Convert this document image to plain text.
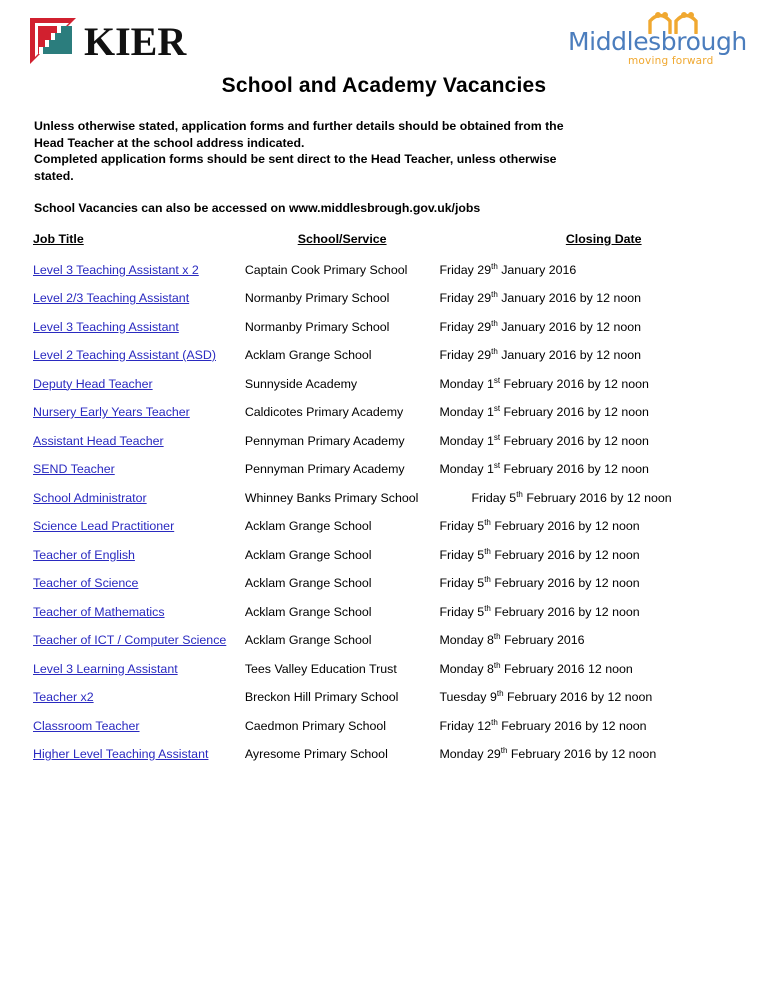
KIER	Middlesbrough
moving forward
School and Academy Vacancies

Unless otherwise stated, application forms and further details should be obtained from the

Head Teacher at the school address indicated.

Completed application forms should be sent direct to the Head Teacher, unless otherwise

stated.

School Vacancies can also be accessed on www.middlesbrough.gov.uk/jobs

Job Title	School/Service	Closing Date
Level 3 Teaching Assistant x 2	Captain Cook Primary School	Friday 29th January 2016
Level 2/3 Teaching Assistant	Normanby Primary School	Friday 29th January 2016 by 12 noon
Level 3 Teaching Assistant	Normanby Primary School	Friday 29th January 2016 by 12 noon
Level 2 Teaching Assistant (ASD)	Acklam Grange School	Friday 29th January 2016 by 12 noon
Deputy Head Teacher	Sunnyside Academy	Monday 1st February 2016 by 12 noon
Nursery Early Years Teacher	Caldicotes Primary Academy	Monday 1st February 2016 by 12 noon
Assistant Head Teacher	Pennyman Primary Academy	Monday 1st February 2016 by 12 noon
SEND Teacher	Pennyman Primary Academy	Monday 1st February 2016 by 12 noon
School Administrator	Whinney Banks Primary School	Friday 5th February 2016 by 12 noon
Science Lead Practitioner	Acklam Grange School	Friday 5th February 2016 by 12 noon
Teacher of English	Acklam Grange School	Friday 5th February 2016 by 12 noon
Teacher of Science	Acklam Grange School	Friday 5th February 2016 by 12 noon
Teacher of Mathematics	Acklam Grange School	Friday 5th February 2016 by 12 noon
Teacher of ICT / Computer Science	Acklam Grange School	Monday 8th February 2016
Level 3 Learning Assistant	Tees Valley Education Trust	Monday 8th February 2016 12 noon
Teacher x2	Breckon Hill Primary School	Tuesday 9th February 2016 by 12 noon
Classroom Teacher	Caedmon Primary School	Friday 12th February 2016 by 12 noon
Higher Level Teaching Assistant	Ayresome Primary School	Monday 29th February 2016 by 12 noon
